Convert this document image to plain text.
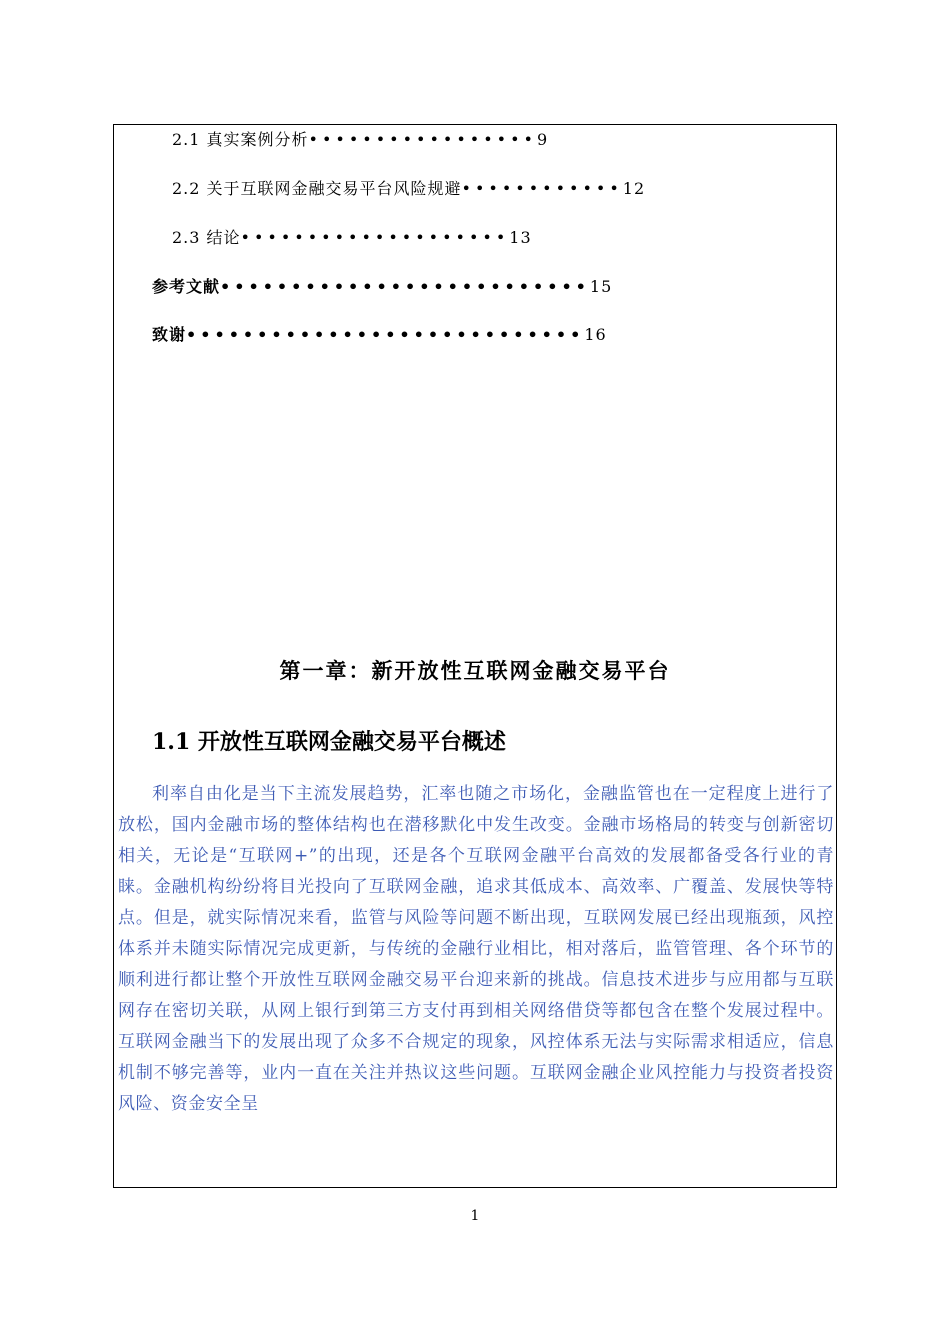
2.1 真实案例分析•••••••••••••••••9
2.2 关于互联网金融交易平台风险规避••••••••••••12
2.3 结论••••••••••••••••••••13
参考文献••••••••••••••••••••••••••15
致谢••••••••••••••••••••••••••••16
第一章：新开放性互联网金融交易平台
1.1 开放性互联网金融交易平台概述

利率自由化是当下主流发展趋势，汇率也随之市场化，金融监管也在一定程度上进行了放松，国内金融市场的整体结构也在潜移默化中发生改变。金融市场格局的转变与创新密切相关，无论是“互联网+”的出现，还是各个互联网金融平台高效的发展都备受各行业的青睐。金融机构纷纷将目光投向了互联网金融，追求其低成本、高效率、广覆盖、发展快等特点。但是，就实际情况来看，监管与风险等问题不断出现，互联网发展已经出现瓶颈，风控体系并未随实际情况完成更新，与传统的金融行业相比，相对落后，监管管理、各个环节的顺利进行都让整个开放性互联网金融交易平台迎来新的挑战。信息技术进步与应用都与互联网存在密切关联，从网上银行到第三方支付再到相关网络借贷等都包含在整个发展过程中。互联网金融当下的发展出现了众多不合规定的现象，风控体系无法与实际需求相适应，信息机制不够完善等，业内一直在关注并热议这些问题。互联网金融企业风控能力与投资者投资风险、资金安全呈

1
